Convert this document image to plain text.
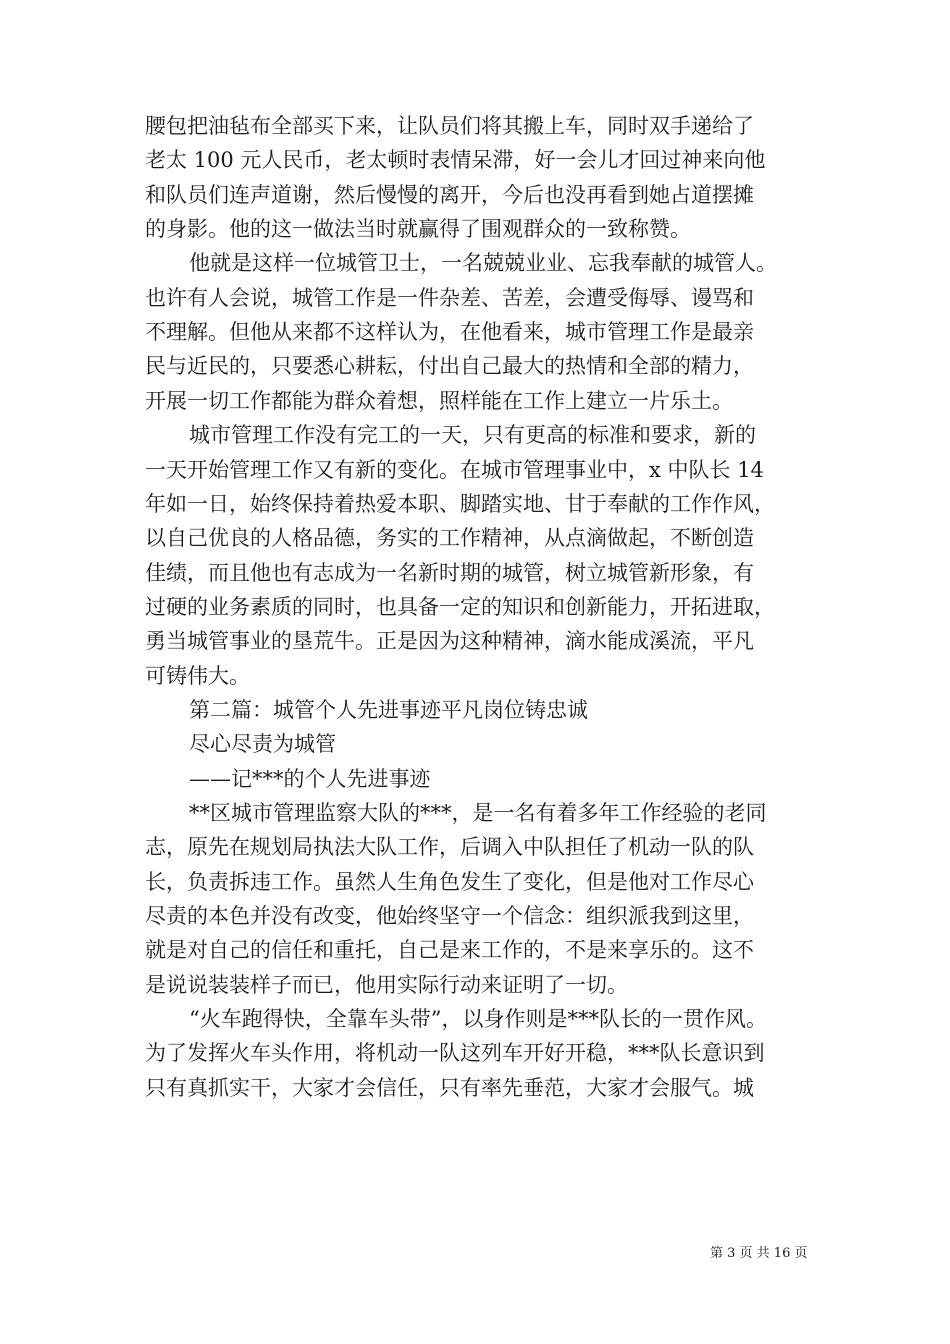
腰包把油毡布全部买下来，让队员们将其搬上车，同时双手递给了
老太 100 元人民币，老太顿时表情呆滞，好一会儿才回过神来向他
和队员们连声道谢，然后慢慢的离开，今后也没再看到她占道摆摊
的身影。他的这一做法当时就赢得了围观群众的一致称赞。
他就是这样一位城管卫士，一名兢兢业业、忘我奉献的城管人。
也许有人会说，城管工作是一件杂差、苦差，会遭受侮辱、谩骂和
不理解。但他从来都不这样认为，在他看来，城市管理工作是最亲
民与近民的，只要悉心耕耘，付出自己最大的热情和全部的精力，
开展一切工作都能为群众着想，照样能在工作上建立一片乐土。
城市管理工作没有完工的一天，只有更高的标准和要求，新的
一天开始管理工作又有新的变化。在城市管理事业中，x 中队长 14
年如一日，始终保持着热爱本职、脚踏实地、甘于奉献的工作作风，
以自己优良的人格品德，务实的工作精神，从点滴做起，不断创造
佳绩，而且他也有志成为一名新时期的城管，树立城管新形象，有
过硬的业务素质的同时，也具备一定的知识和创新能力，开拓进取，
勇当城管事业的垦荒牛。正是因为这种精神，滴水能成溪流，平凡
可铸伟大。
第二篇：城管个人先进事迹平凡岗位铸忠诚
尽心尽责为城管
——记***的个人先进事迹
**区城市管理监察大队的***，是一名有着多年工作经验的老同
志，原先在规划局执法大队工作，后调入中队担任了机动一队的队
长，负责拆违工作。虽然人生角色发生了变化，但是他对工作尽心
尽责的本色并没有改变，他始终坚守一个信念：组织派我到这里，
就是对自己的信任和重托，自己是来工作的，不是来享乐的。这不
是说说装装样子而已，他用实际行动来证明了一切。
“火车跑得快，全靠车头带”，以身作则是***队长的一贯作风。
为了发挥火车头作用，将机动一队这列车开好开稳，***队长意识到
只有真抓实干，大家才会信任，只有率先垂范，大家才会服气。城
第 3 页 共 16 页
